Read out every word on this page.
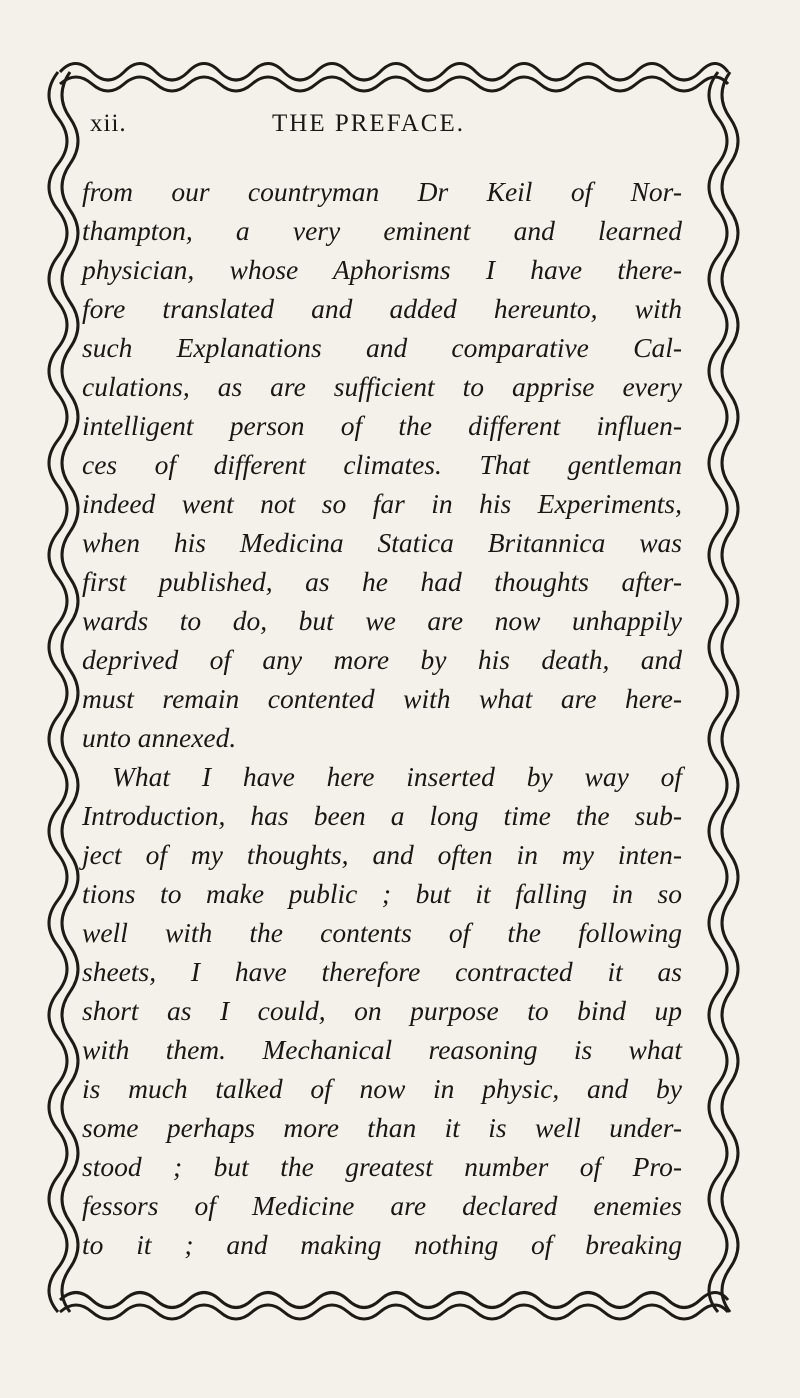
xii.	THE PREFACE.
from our countryman Dr Keil of Nor-
thampton, a very eminent and learned
physician, whose Aphorisms I have there-
fore translated and added hereunto, with
such Explanations and comparative Cal-
culations, as are sufficient to apprise every
intelligent person of the different influen-
ces of different climates. That gentleman
indeed went not so far in his Experiments,
when his Medicina Statica Britannica was
first published, as he had thoughts after-
wards to do, but we are now unhappily
deprived of any more by his death, and
must remain contented with what are here-
unto annexed.
What I have here inserted by way of
Introduction, has been a long time the sub-
ject of my thoughts, and often in my inten-
tions to make public ; but it falling in so
well with the contents of the following
sheets, I have therefore contracted it as
short as I could, on purpose to bind up
with them. Mechanical reasoning is what
is much talked of now in physic, and by
some perhaps more than it is well under-
stood ; but the greatest number of Pro-
fessors of Medicine are declared enemies
to it ; and making nothing of breaking
